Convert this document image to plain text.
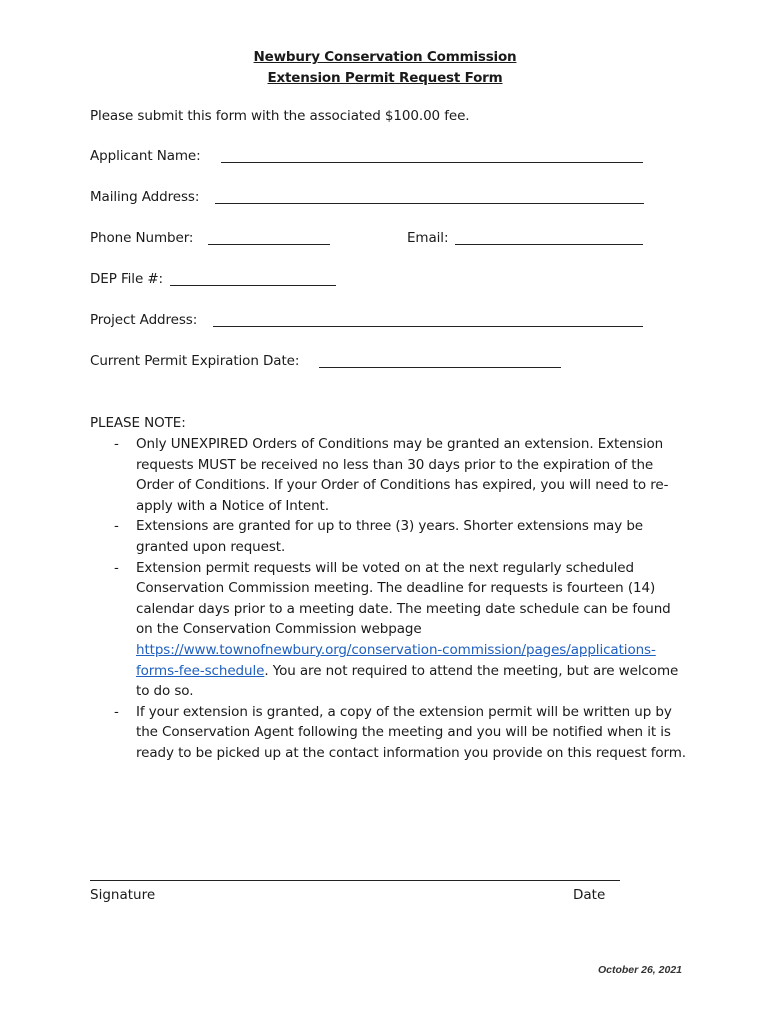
Newbury Conservation Commission
Extension Permit Request Form
Please submit this form with the associated $100.00 fee.
Applicant Name:
Mailing Address:
Phone Number:	Email:
DEP File #:
Project Address:
Current Permit Expiration Date:
PLEASE NOTE:
- Only UNEXPIRED Orders of Conditions may be granted an extension. Extension requests MUST be received no less than 30 days prior to the expiration of the Order of Conditions. If your Order of Conditions has expired, you will need to re-apply with a Notice of Intent.
- Extensions are granted for up to three (3) years. Shorter extensions may be granted upon request.
- Extension permit requests will be voted on at the next regularly scheduled Conservation Commission meeting. The deadline for requests is fourteen (14) calendar days prior to a meeting date. The meeting date schedule can be found on the Conservation Commission webpage https://www.townofnewbury.org/conservation-commission/pages/applications-forms-fee-schedule. You are not required to attend the meeting, but are welcome to do so.
- If your extension is granted, a copy of the extension permit will be written up by the Conservation Agent following the meeting and you will be notified when it is ready to be picked up at the contact information you provide on this request form.
Signature	Date
October 26, 2021
